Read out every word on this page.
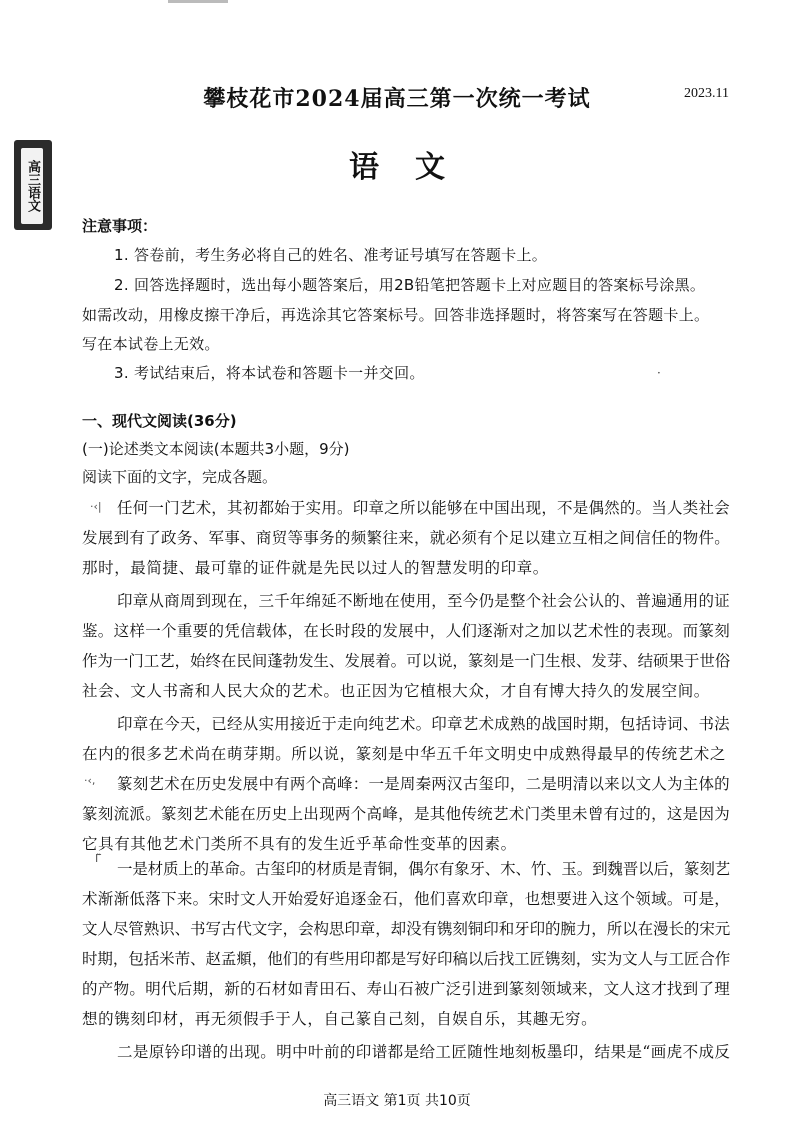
攀枝花市2024届高三第一次统一考试	2023.11
语文
高三语文
注意事项：
1. 答卷前，考生务必将自己的姓名、准考证号填写在答题卡上。
2. 回答选择题时，选出每小题答案后，用2B铅笔把答题卡上对应题目的答案标号涂黑。
如需改动，用橡皮擦干净后，再选涂其它答案标号。回答非选择题时，将答案写在答题卡上。
写在本试卷上无效。
3. 考试结束后，将本试卷和答题卡一并交回。	·
一、现代文阅读(36分)
(一)论述类文本阅读(本题共3小题，9分)
阅读下面的文字，完成各题。
·‹| 任何一门艺术，其初都始于实用。印章之所以能够在中国出现，不是偶然的。当人类社会
发展到有了政务、军事、商贸等事务的频繁往来，就必须有个足以建立互相之间信任的物件。
那时，最简捷、最可靠的证件就是先民以过人的智慧发明的印章。
印章从商周到现在，三千年绵延不断地在使用，至今仍是整个社会公认的、普遍通用的证
鉴。这样一个重要的凭信载体，在长时段的发展中，人们逐渐对之加以艺术性的表现。而篆刻
作为一门工艺，始终在民间蓬勃发生、发展着。可以说，篆刻是一门生根、发芽、结硕果于世俗
社会、文人书斋和人民大众的艺术。也正因为它植根大众，才自有博大持久的发展空间。
印章在今天，已经从实用接近于走向纯艺术。印章艺术成熟的战国时期，包括诗词、书法
在内的很多艺术尚在萌芽期。所以说，篆刻是中华五千年文明史中成熟得最早的传统艺术之
·‹, 篆刻艺术在历史发展中有两个高峰：一是周秦两汉古玺印，二是明清以来以文人为主体的
篆刻流派。篆刻艺术能在历史上出现两个高峰，是其他传统艺术门类里未曾有过的，这是因为
它具有其他艺术门类所不具有的发生近乎革命性变革的因素。
Γ̃
一是材质上的革命。古玺印的材质是青铜，偶尔有象牙、木、竹、玉。到魏晋以后，篆刻艺
术渐渐低落下来。宋时文人开始爱好追逐金石，他们喜欢印章，也想要进入这个领域。可是，
文人尽管熟识、书写古代文字，会构思印章，却没有镌刻铜印和牙印的腕力，所以在漫长的宋元
时期，包括米芾、赵孟頫，他们的有些用印都是写好印稿以后找工匠镌刻，实为文人与工匠合作
的产物。明代后期，新的石材如青田石、寿山石被广泛引进到篆刻领域来，文人这才找到了理
想的镌刻印材，再无须假手于人，自己篆自己刻，自娱自乐，其趣无穷。
二是原钤印谱的出现。明中叶前的印谱都是给工匠随性地刻板墨印，结果是“画虎不成反
高三语文 第1页 共10页
